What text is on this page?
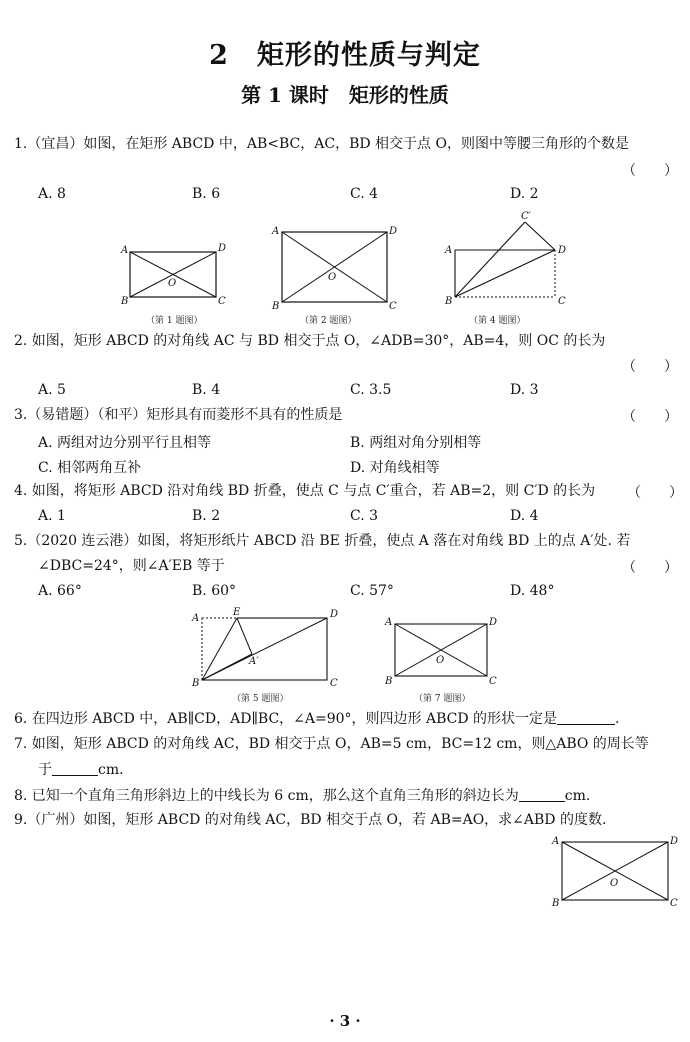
2　矩形的性质与判定
第 1 课时　矩形的性质
1.（宜昌）如图，在矩形 ABCD 中，AB<BC，AC，BD 相交于点 O，则图中等腰三角形的个数是
（　　）
A. 8	B. 6	C. 4	D. 2
A	D
B	C
O
（第 1 题图）
A	D
B	C
O
（第 2 题图）
A	D
B	C
C′
（第 4 题图）
2. 如图，矩形 ABCD 的对角线 AC 与 BD 相交于点 O，∠ADB=30°，AB=4，则 OC 的长为
（　　）
A. 5	B. 4	C. 3.5	D. 3
3.（易错题）（和平）矩形具有而菱形不具有的性质是	（　　）
A. 两组对边分别平行且相等	B. 两组对角分别相等
C. 相邻两角互补	D. 对角线相等
4. 如图，将矩形 ABCD 沿对角线 BD 折叠，使点 C 与点 C′重合，若 AB=2，则 C′D 的长为 （　　）
A. 1	B. 2	C. 3	D. 4
5.（2020 连云港）如图，将矩形纸片 ABCD 沿 BE 折叠，使点 A 落在对角线 BD 上的点 A′处. 若
∠DBC=24°，则∠A′EB 等于	（　　）
A. 66°	B. 60°	C. 57°	D. 48°
A
E	D
B	C
A′
（第 5 题图）
A	D
B	C
O
（第 7 题图）
6. 在四边形 ABCD 中，AB∥CD，AD∥BC，∠A=90°，则四边形 ABCD 的形状一定是	.
7. 如图，矩形 ABCD 的对角线 AC，BD 相交于点 O，AB=5 cm，BC=12 cm，则△ABO 的周长等
于	cm.
8. 已知一个直角三角形斜边上的中线长为 6 cm，那么这个直角三角形的斜边长为	cm.
9.（广州）如图，矩形 ABCD 的对角线 AC，BD 相交于点 O，若 AB=AO，求∠ABD 的度数.
A	D
B	C
O
· 3 ·
